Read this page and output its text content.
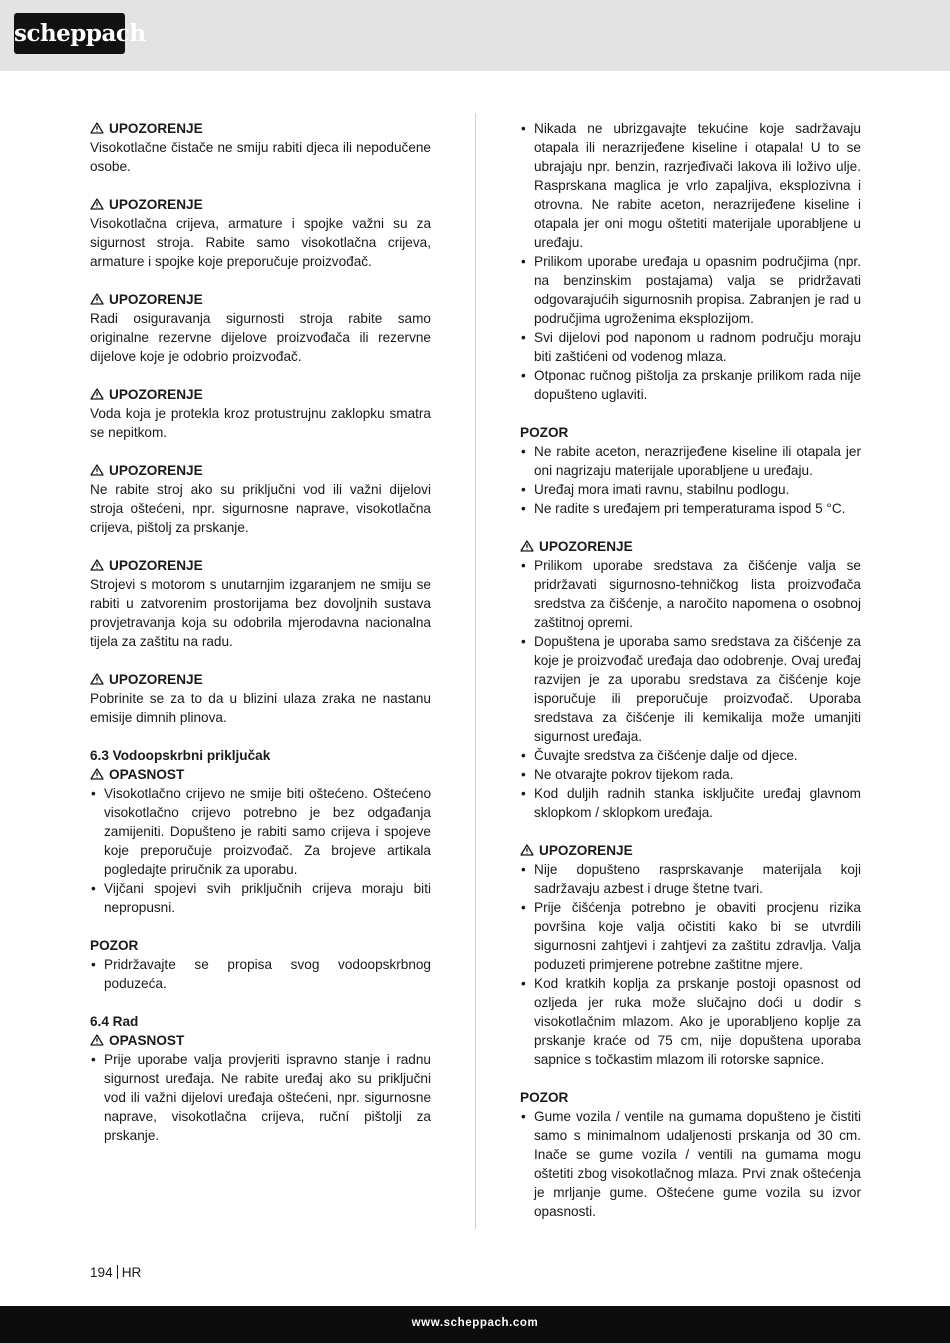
scheppach

UPOZORENJE

Visokotlačne čistače ne smiju rabiti djeca ili nepodučene osobe.

UPOZORENJE

Visokotlačna crijeva, armature i spojke važni su za sigurnost stroja. Rabite samo visokotlačna crijeva, armature i spojke koje preporučuje proizvođač.

UPOZORENJE

Radi osiguravanja sigurnosti stroja rabite samo originalne rezervne dijelove proizvođača ili rezervne dijelove koje je odobrio proizvođač.

UPOZORENJE

Voda koja je protekla kroz protustrujnu zaklopku smatra se nepitkom.

UPOZORENJE

Ne rabite stroj ako su priključni vod ili važni dijelovi stroja oštećeni, npr. sigurnosne naprave, visokotlačna crijeva, pištolj za prskanje.

UPOZORENJE

Strojevi s motorom s unutarnjim izgaranjem ne smiju se rabiti u zatvorenim prostorijama bez dovoljnih sustava provjetravanja koja su odobrila mjerodavna nacionalna tijela za zaštitu na radu.

UPOZORENJE

Pobrinite se za to da u blizini ulaza zraka ne nastanu emisije dimnih plinova.

6.3 Vodoopskrbni priključak

OPASNOST

• Visokotlačno crijevo ne smije biti oštećeno. Oštećeno visokotlačno crijevo potrebno je bez odgađanja zamijeniti. Dopušteno je rabiti samo crijeva i spojeve koje preporučuje proizvođač. Za brojeve artikala pogledajte priručnik za uporabu.
• Vijčani spojevi svih priključnih crijeva moraju biti nepropusni.

POZOR

• Pridržavajte se propisa svog vodoopskrbnog poduzeća.

6.4 Rad

OPASNOST

• Prije uporabe valja provjeriti ispravno stanje i radnu sigurnost uređaja. Ne rabite uređaj ako su priključni vod ili važni dijelovi uređaja oštećeni, npr. sigurnosne naprave, visokotlačna crijeva, ruční pištolji za prskanje.
• Nikada ne ubrizgavajte tekućine koje sadržavaju otapala ili nerazrijeđene kiseline i otapala! U to se ubrajaju npr. benzin, razrjeđivači lakova ili loživo ulje. Rasprskana maglica je vrlo zapaljiva, eksplozivna i otrovna. Ne rabite aceton, nerazrijeđene kiseline i otapala jer oni mogu oštetiti materijale uporabljene u uređaju.
• Prilikom uporabe uređaja u opasnim područjima (npr. na benzinskim postajama) valja se pridržavati odgovarajućih sigurnosnih propisa. Zabranjen je rad u područjima ugroženima eksplozijom.
• Svi dijelovi pod naponom u radnom području moraju biti zaštićeni od vodenog mlaza.
• Otponac ručnog pištolja za prskanje prilikom rada nije dopušteno uglaviti.

POZOR

• Ne rabite aceton, nerazrijeđene kiseline ili otapala jer oni nagrizaju materijale uporabljene u uređaju.
• Uređaj mora imati ravnu, stabilnu podlogu.
• Ne radite s uređajem pri temperaturama ispod 5 °C.

UPOZORENJE

• Prilikom uporabe sredstava za čišćenje valja se pridržavati sigurnosno-tehničkog lista proizvođača sredstva za čišćenje, a naročito napomena o osobnoj zaštitnoj opremi.
• Dopuštena je uporaba samo sredstava za čišćenje za koje je proizvođač uređaja dao odobrenje. Ovaj uređaj razvijen je za uporabu sredstava za čišćenje koje isporučuje ili preporučuje proizvođač. Uporaba sredstava za čišćenje ili kemikalija može umanjiti sigurnost uređaja.
• Čuvajte sredstva za čišćenje dalje od djece.
• Ne otvarajte pokrov tijekom rada.
• Kod duljih radnih stanka isključite uređaj glavnom sklopkom / sklopkom uređaja.

UPOZORENJE

• Nije dopušteno rasprskavanje materijala koji sadržavaju azbest i druge štetne tvari.
• Prije čišćenja potrebno je obaviti procjenu rizika površina koje valja očistiti kako bi se utvrdili sigurnosni zahtjevi i zahtjevi za zaštitu zdravlja. Valja poduzeti primjerene potrebne zaštitne mjere.
• Kod kratkih koplja za prskanje postoji opasnost od ozljeda jer ruka može slučajno doći u dodir s visokotlačnim mlazom. Ako je uporabljeno koplje za prskanje kraće od 75 cm, nije dopuštena uporaba sapnice s točkastim mlazom ili rotorske sapnice.

POZOR

• Gume vozila / ventile na gumama dopušteno je čistiti samo s minimalnom udaljenosti prskanja od 30 cm. Inače se gume vozila / ventili na gumama mogu oštetiti zbog visokotlačnog mlaza. Prvi znak oštećenja je mrljanje gume. Oštećene gume vozila su izvor opasnosti.
194 HR
www.scheppach.com
